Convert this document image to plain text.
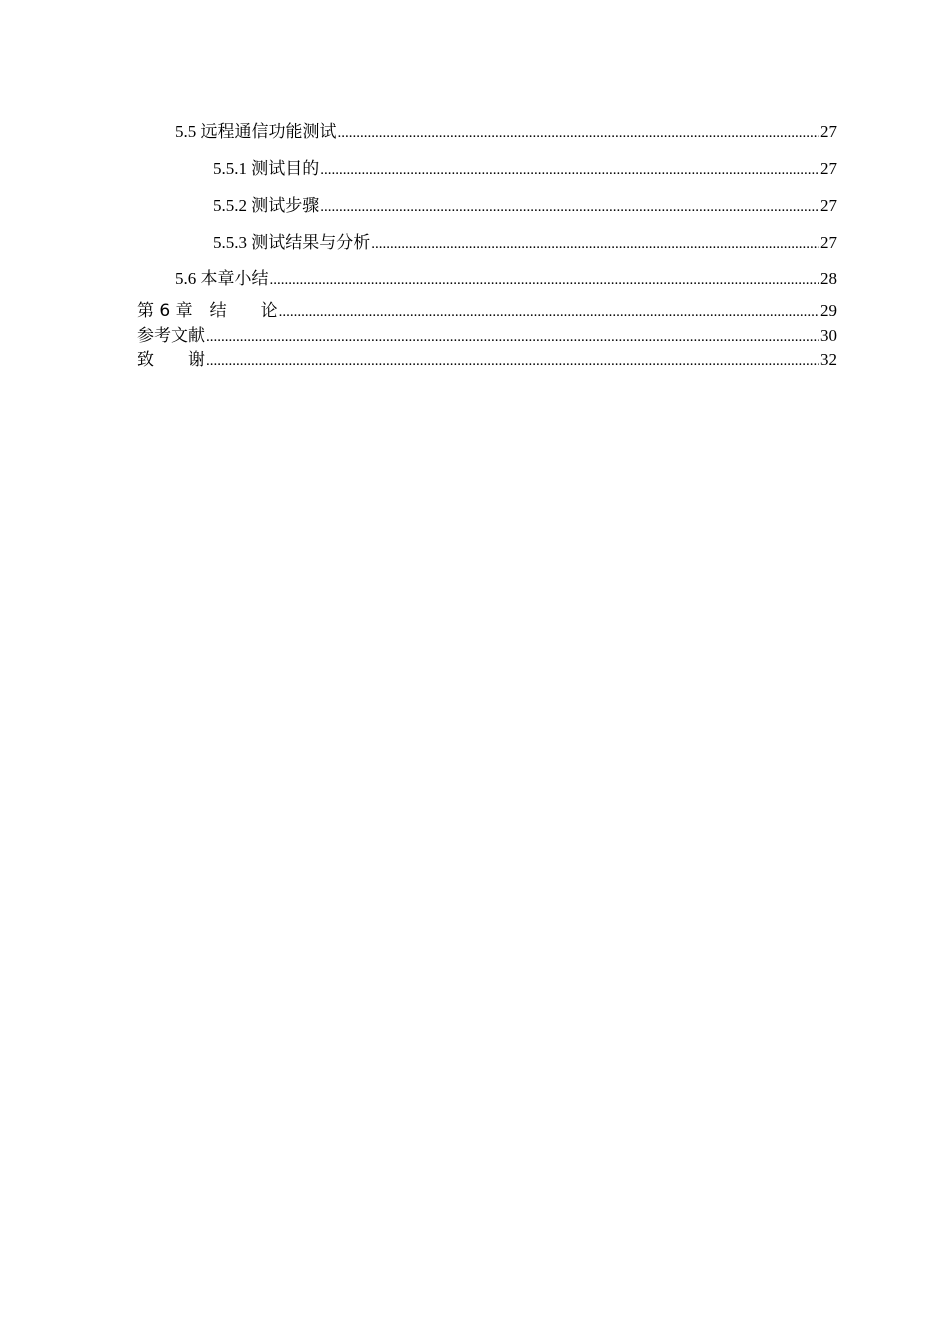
5.5 远程通信功能测试 .....	27
5.5.1 测试目的 .....	27
5.5.2 测试步骤 .....	27
5.5.3 测试结果与分析 .....	27
5.6 本章小结 .....	28
第 6 章　结　　论 .....	29
参考文献 .....	30
致　　谢 .....	32
